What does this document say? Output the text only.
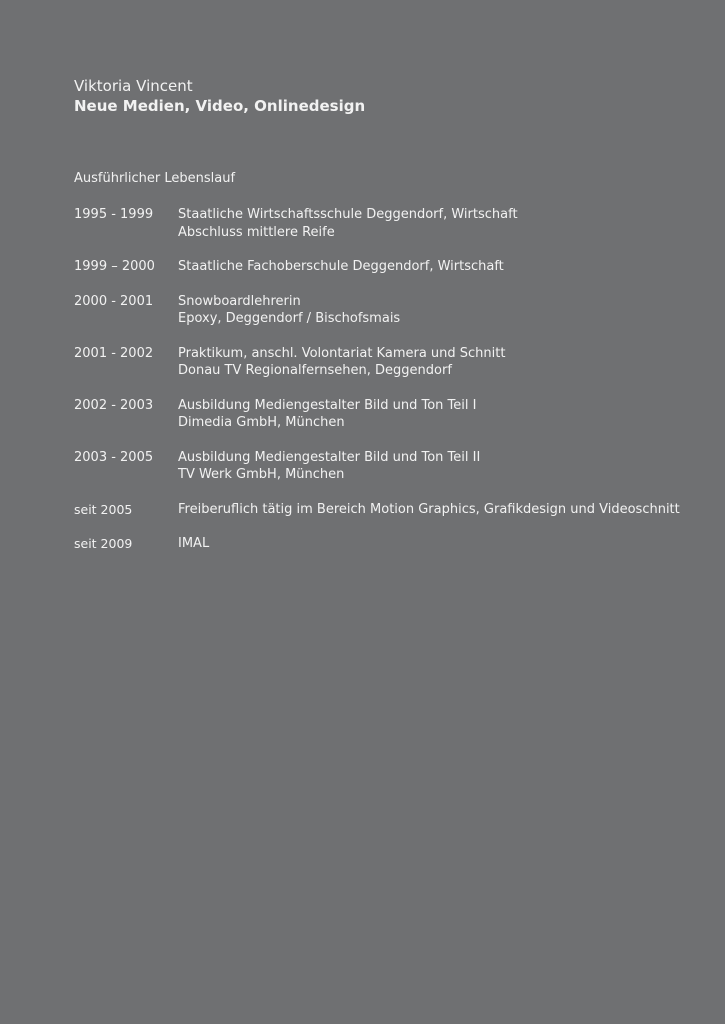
Viktoria Vincent
Neue Medien, Video, Onlinedesign
Ausführlicher Lebenslauf
1995 - 1999	Staatliche Wirtschaftsschule Deggendorf, Wirtschaft
Abschluss mittlere Reife
1999 – 2000	Staatliche Fachoberschule Deggendorf, Wirtschaft
2000 - 2001	Snowboardlehrerin
Epoxy, Deggendorf / Bischofsmais
2001 - 2002	Praktikum, anschl. Volontariat Kamera und Schnitt
Donau TV Regionalfernsehen, Deggendorf
2002 - 2003	Ausbildung Mediengestalter Bild und Ton Teil I
Dimedia GmbH, München
2003 - 2005	Ausbildung Mediengestalter Bild und Ton Teil II
TV Werk GmbH, München
seit 2005	Freiberuflich tätig im Bereich Motion Graphics, Grafikdesign und Videoschnitt
seit 2009	IMAL
